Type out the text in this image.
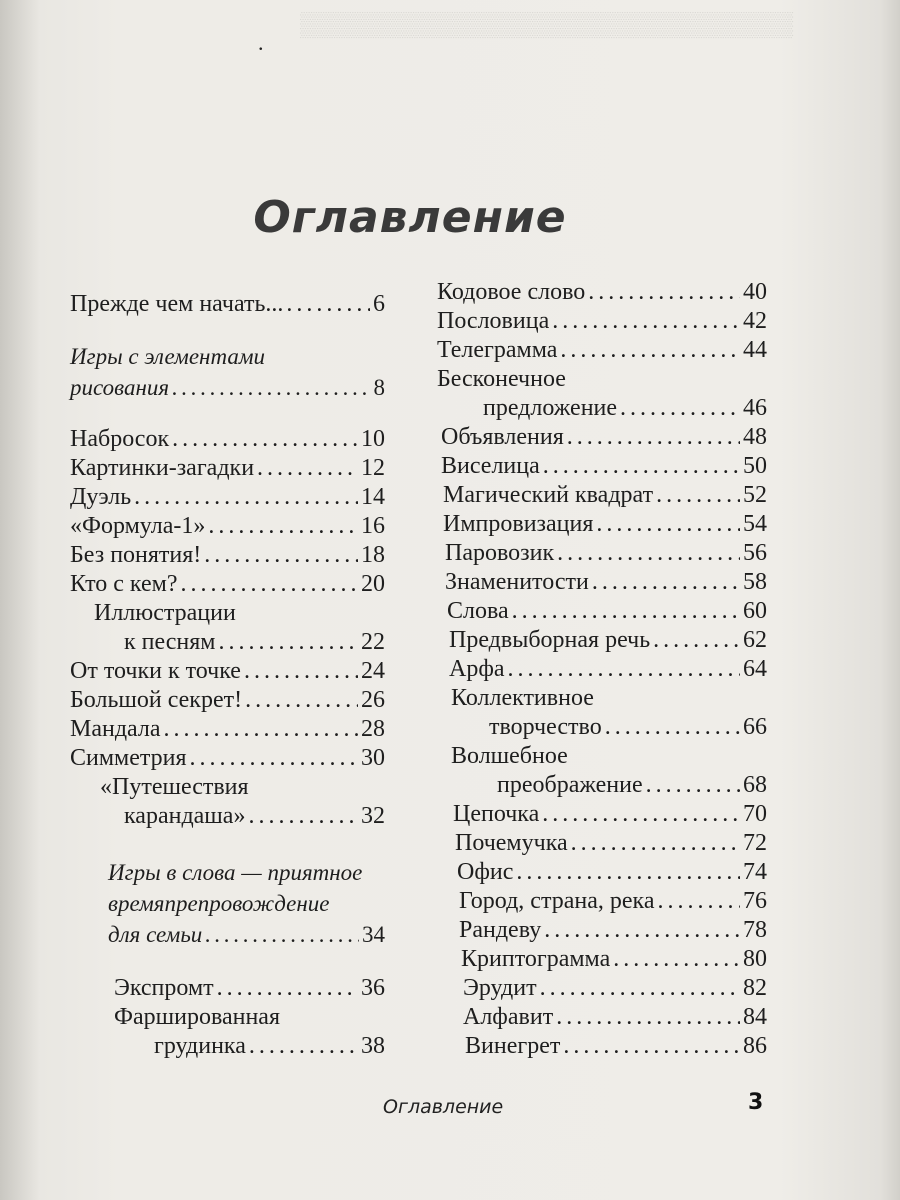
▒▒▒▒▒▒▒▒▒▒▒▒▒▒▒▒▒▒▒▒▒▒▒▒▒▒▒▒▒
.
Оглавление
Прежде чем начать... . . .	6
Игры с элементами
рисования . . .	8
Набросок . . .	10
Картинки-загадки . . .	12
Дуэль . . .	14
«Формула-1» . . .	16
Без понятия! . . .	18
Кто с кем? . . .	20
Иллюстрации
к песням . . .	22
От точки к точке . . .	24
Большой секрет! . . .	26
Мандала . . .	28
Симметрия . . .	30
«Путешествия
карандаша» . . .	32
Игры в слова — приятное
времяпрепровождение
для семьи . . .	34
Экспромт . . .	36
Фаршированная
грудинка . . .	38
Кодовое слово . . .	40
Пословица . . .	42
Телеграмма . . .	44
Бесконечное
предложение . . .	46
Объявления . . .	48
Виселица . . .	50
Магический квадрат . . .	52
Импровизация . . .	54
Паровозик . . .	56
Знаменитости . . .	58
Слова . . .	60
Предвыборная речь . . .	62
Арфа . . .	64
Коллективное
творчество . . .	66
Волшебное
преображение . . .	68
Цепочка . . .	70
Почемучка . . .	72
Офис . . .	74
Город, страна, река . . .	76
Рандеву . . .	78
Криптограмма . . .	80
Эрудит . . .	82
Алфавит . . .	84
Винегрет . . .	86
Оглавление	3
